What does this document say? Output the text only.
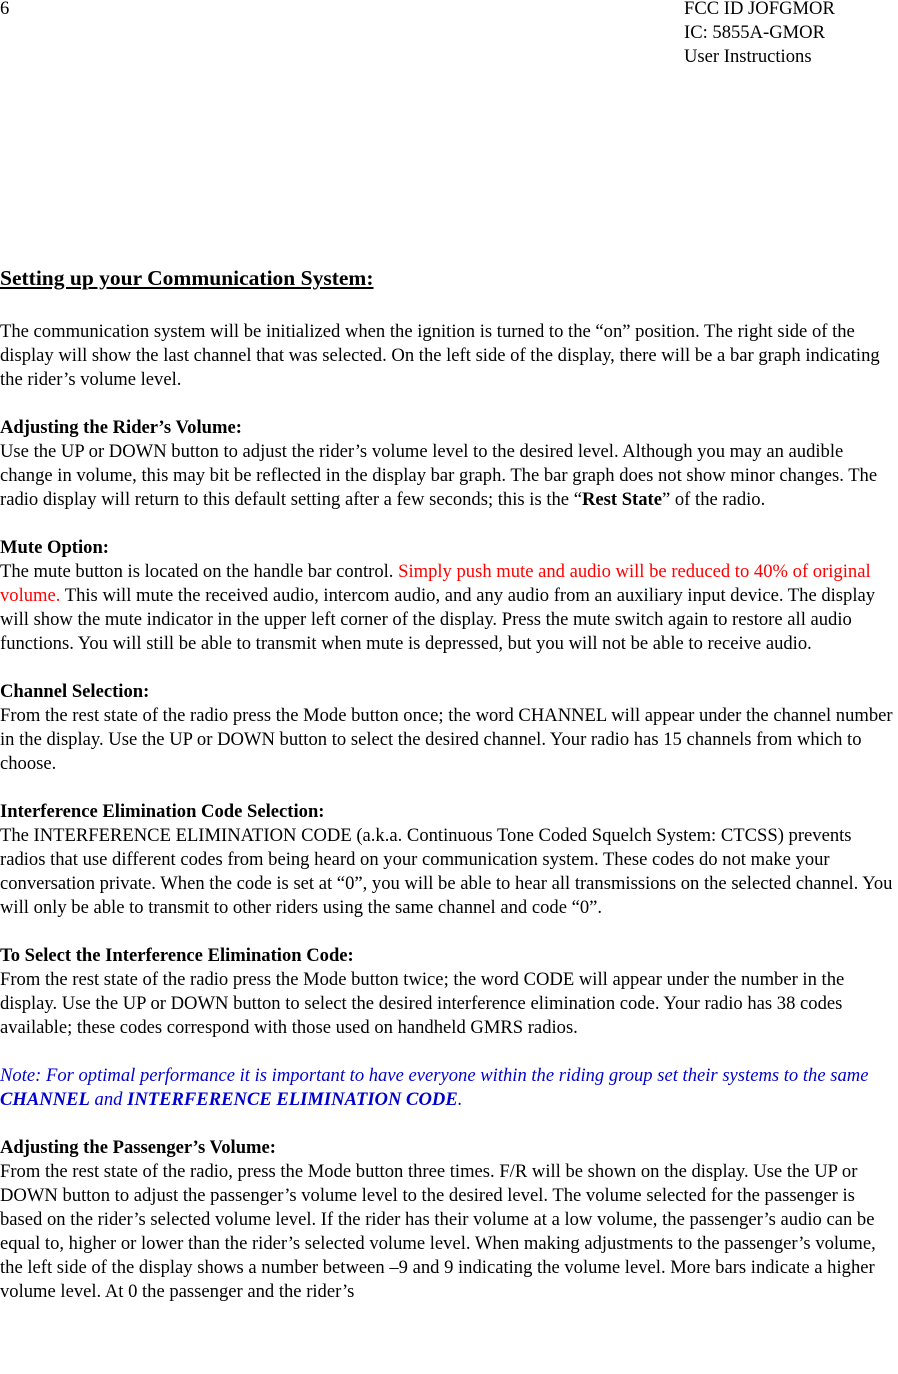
6	FCC ID JOFGMOR
IC: 5855A-GMOR
User Instructions
Setting up your Communication System:

The communication system will be initialized when the ignition is turned to the “on” position. The right side of the display will show the last channel that was selected. On the left side of the display, there will be a bar graph indicating the rider’s volume level.

Adjusting the Rider’s Volume:
Use the UP or DOWN button to adjust the rider’s volume level to the desired level. Although you may an audible change in volume, this may bit be reflected in the display bar graph. The bar graph does not show minor changes. The radio display will return to this default setting after a few seconds; this is the “Rest State” of the radio.

Mute Option:
The mute button is located on the handle bar control. Simply push mute and audio will be reduced to 40% of original volume. This will mute the received audio, intercom audio, and any audio from an auxiliary input device. The display will show the mute indicator in the upper left corner of the display. Press the mute switch again to restore all audio functions. You will still be able to transmit when mute is depressed, but you will not be able to receive audio.

Channel Selection:
From the rest state of the radio press the Mode button once; the word CHANNEL will appear under the channel number in the display. Use the UP or DOWN button to select the desired channel. Your radio has 15 channels from which to choose.

Interference Elimination Code Selection:
The INTERFERENCE ELIMINATION CODE (a.k.a. Continuous Tone Coded Squelch System: CTCSS) prevents radios that use different codes from being heard on your communication system. These codes do not make your conversation private. When the code is set at “0”, you will be able to hear all transmissions on the selected channel. You will only be able to transmit to other riders using the same channel and code “0”.

To Select the Interference Elimination Code:
From the rest state of the radio press the Mode button twice; the word CODE will appear under the number in the display. Use the UP or DOWN button to select the desired interference elimination code. Your radio has 38 codes available; these codes correspond with those used on handheld GMRS radios.

Note: For optimal performance it is important to have everyone within the riding group set their systems to the same CHANNEL and INTERFERENCE ELIMINATION CODE.

Adjusting the Passenger’s Volume:
From the rest state of the radio, press the Mode button three times. F/R will be shown on the display. Use the UP or DOWN button to adjust the passenger’s volume level to the desired level. The volume selected for the passenger is based on the rider’s selected volume level. If the rider has their volume at a low volume, the passenger’s audio can be equal to, higher or lower than the rider’s selected volume level. When making adjustments to the passenger’s volume, the left side of the display shows a number between –9 and 9 indicating the volume level. More bars indicate a higher volume level. At 0 the passenger and the rider’s
